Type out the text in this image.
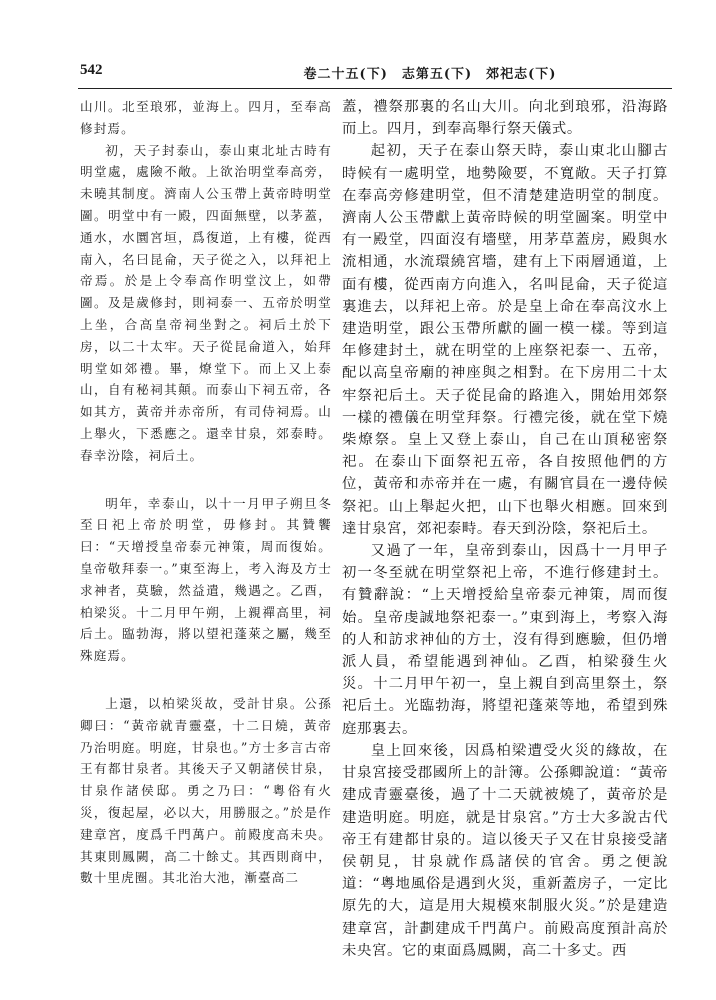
542	卷二十五(下)　志第五(下)　郊祀志(下)

山川。北至琅邪，並海上。四月，至奉高修封焉。

初，天子封泰山，泰山東北址古時有明堂處，處險不敞。上欲治明堂奉高旁，未曉其制度。濟南人公玉帶上黃帝時明堂圖。明堂中有一殿，四面無壁，以茅蓋，通水，水圜宮垣，爲復道，上有樓，從西南入，名曰昆侖，天子從之入，以拜祀上帝焉。於是上令奉高作明堂汶上，如帶圖。及是歲修封，則祠泰一、五帝於明堂上坐，合高皇帝祠坐對之。祠后土於下房，以二十太牢。天子從昆侖道入，始拜明堂如郊禮。畢，燎堂下。而上又上泰山，自有秘祠其顛。而泰山下祠五帝，各如其方，黃帝并赤帝所，有司侍祠焉。山上舉火，下悉應之。還幸甘泉，郊泰畤。春幸汾陰，祠后土。

明年，幸泰山，以十一月甲子朔旦冬至日祀上帝於明堂，毋修封。其贊饗曰：“天增授皇帝泰元神策，周而復始。皇帝敬拜泰一。”東至海上，考入海及方士求神者，莫驗，然益遣，幾遇之。乙酉，柏梁災。十二月甲午朔，上親禪高里，祠后土。臨勃海，將以望祀蓬萊之屬，幾至殊庭焉。

上還，以柏梁災故，受計甘泉。公孫卿曰：“黃帝就青靈臺，十二日燒，黃帝乃治明庭。明庭，甘泉也。”方士多言古帝王有都甘泉者。其後天子又朝諸侯甘泉，甘泉作諸侯邸。勇之乃曰：“粵俗有火災，復起屋，必以大，用勝服之。”於是作建章宮，度爲千門萬户。前殿度高未央。其東則鳳闕，高二十餘丈。其西則商中，數十里虎圈。其北治大池，漸臺高二

蓋，禮祭那裏的名山大川。向北到琅邪，沿海路而上。四月，到奉高舉行祭天儀式。

起初，天子在泰山祭天時，泰山東北山腳古時候有一處明堂，地勢險要，不寬敞。天子打算在奉高旁修建明堂，但不清楚建造明堂的制度。濟南人公玉帶獻上黃帝時候的明堂圖案。明堂中有一殿堂，四面沒有墻壁，用茅草蓋房，殿與水流相通，水流環繞宮墻，建有上下兩層通道，上面有樓，從西南方向進入，名叫昆侖，天子從這裏進去，以拜祀上帝。於是皇上命在奉高汶水上建造明堂，跟公玉帶所獻的圖一模一樣。等到這年修建封土，就在明堂的上座祭祀泰一、五帝，配以高皇帝廟的神座與之相對。在下房用二十太牢祭祀后土。天子從昆侖的路進入，開始用郊祭一樣的禮儀在明堂拜祭。行禮完後，就在堂下燒柴燎祭。皇上又登上泰山，自己在山頂秘密祭祀。在泰山下面祭祀五帝，各自按照他們的方位，黃帝和赤帝并在一處，有關官員在一邊侍候祭祀。山上舉起火把，山下也舉火相應。回來到達甘泉宮，郊祀泰畤。春天到汾陰，祭祀后土。

又過了一年，皇帝到泰山，因爲十一月甲子初一冬至就在明堂祭祀上帝，不進行修建封土。有贊辭說：“上天增授給皇帝泰元神策，周而復始。皇帝虔誠地祭祀泰一。”東到海上，考察入海的人和訪求神仙的方士，沒有得到應驗，但仍增派人員，希望能遇到神仙。乙酉，柏梁發生火災。十二月甲午初一，皇上親自到高里祭土，祭祀后土。光臨勃海，將望祀蓬萊等地，希望到殊庭那裏去。

皇上回來後，因爲柏梁遭受火災的緣故，在甘泉宮接受郡國所上的計簿。公孫卿說道：“黃帝建成青靈臺後，過了十二天就被燒了，黃帝於是建造明庭。明庭，就是甘泉宮。”方士大多說古代帝王有建都甘泉的。這以後天子又在甘泉接受諸侯朝見，甘泉就作爲諸侯的官舍。勇之便說道：“粵地風俗是遇到火災，重新蓋房子，一定比原先的大，這是用大規模來制服火災。”於是建造建章宮，計劃建成千門萬户。前殿高度預計高於未央宮。它的東面爲鳳闕，高二十多丈。西
